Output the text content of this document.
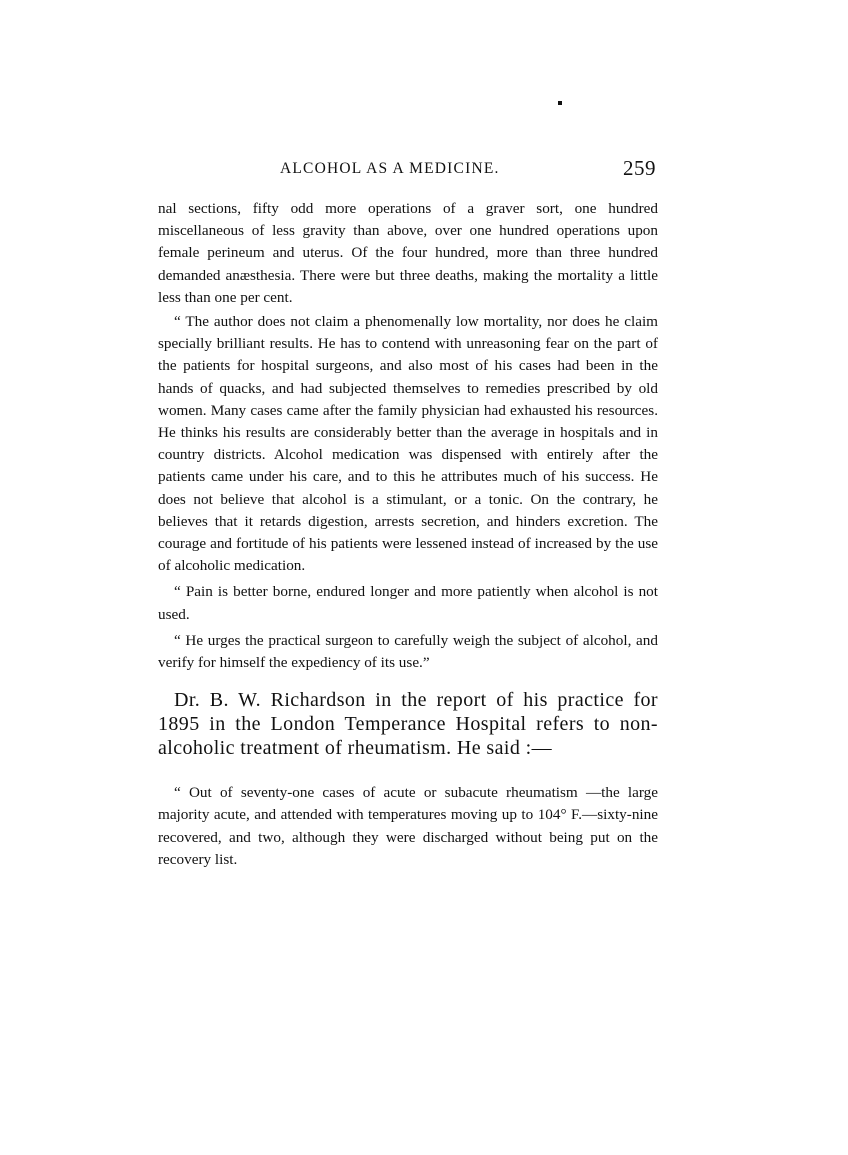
ALCOHOL AS A MEDICINE.	259

nal sections, fifty odd more operations of a graver sort, one hundred miscellaneous of less gravity than above, over one hundred operations upon female perineum and uterus. Of the four hundred, more than three hundred demanded anæsthesia. There were but three deaths, making the mortality a little less than one per cent.

“ The author does not claim a phenomenally low mortality, nor does he claim specially brilliant results. He has to contend with unreasoning fear on the part of the patients for hospital surgeons, and also most of his cases had been in the hands of quacks, and had subjected themselves to remedies prescribed by old women. Many cases came after the family physician had exhausted his resources. He thinks his results are considerably better than the average in hospitals and in country districts. Alcohol medication was dispensed with entirely after the patients came under his care, and to this he attributes much of his success. He does not believe that alcohol is a stimulant, or a tonic. On the contrary, he believes that it retards digestion, arrests secretion, and hinders excretion. The courage and fortitude of his patients were lessened instead of increased by the use of alcoholic medication.

“ Pain is better borne, endured longer and more patiently when alcohol is not used.

“ He urges the practical surgeon to carefully weigh the subject of alcohol, and verify for himself the expediency of its use.”

Dr. B. W. Richardson in the report of his practice for 1895 in the London Temperance Hospital refers to non-alcoholic treatment of rheumatism. He said :—

“ Out of seventy-one cases of acute or subacute rheumatism —the large majority acute, and attended with temperatures moving up to 104° F.—sixty-nine recovered, and two, although they were discharged without being put on the recovery list.
